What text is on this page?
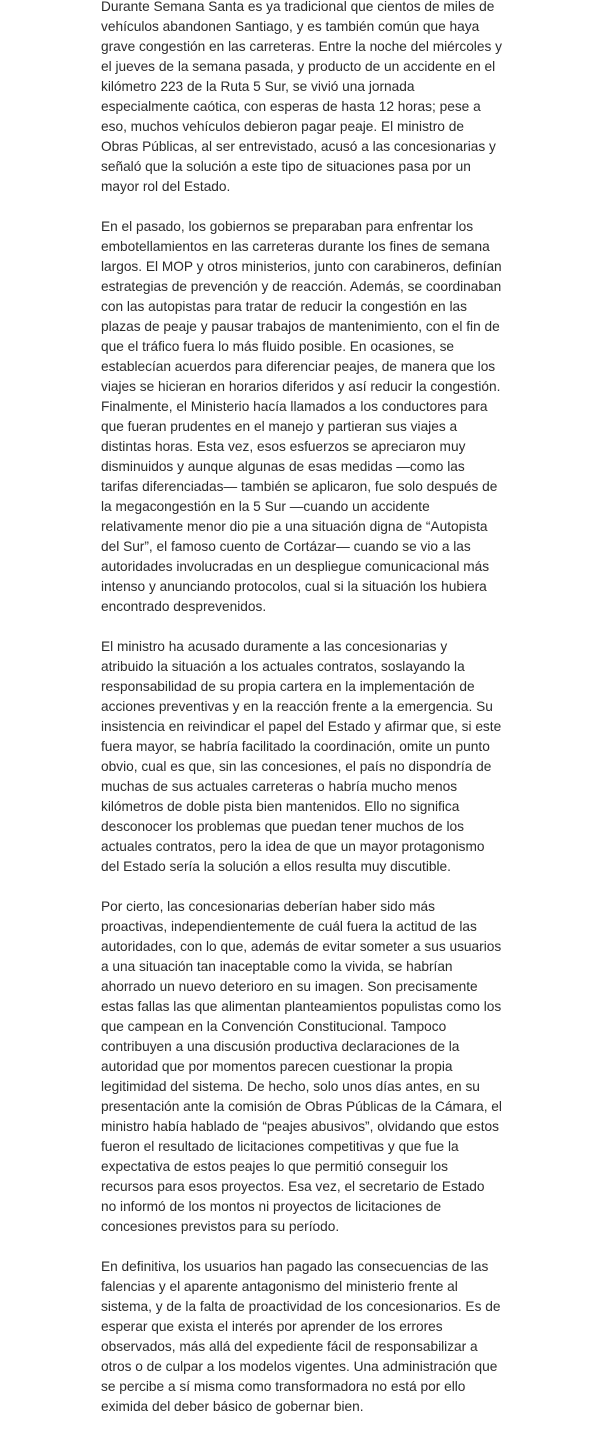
Durante Semana Santa es ya tradicional que cientos de miles de
vehículos abandonen Santiago, y es también común que haya
grave congestión en las carreteras. Entre la noche del miércoles y
el jueves de la semana pasada, y producto de un accidente en el
kilómetro 223 de la Ruta 5 Sur, se vivió una jornada
especialmente caótica, con esperas de hasta 12 horas; pese a
eso, muchos vehículos debieron pagar peaje. El ministro de
Obras Públicas, al ser entrevistado, acusó a las concesionarias y
señaló que la solución a este tipo de situaciones pasa por un
mayor rol del Estado.
En el pasado, los gobiernos se preparaban para enfrentar los
embotellamientos en las carreteras durante los fines de semana
largos. El MOP y otros ministerios, junto con carabineros, definían
estrategias de prevención y de reacción. Además, se coordinaban
con las autopistas para tratar de reducir la congestión en las
plazas de peaje y pausar trabajos de mantenimiento, con el fin de
que el tráfico fuera lo más fluido posible. En ocasiones, se
establecían acuerdos para diferenciar peajes, de manera que los
viajes se hicieran en horarios diferidos y así reducir la congestión.
Finalmente, el Ministerio hacía llamados a los conductores para
que fueran prudentes en el manejo y partieran sus viajes a
distintas horas. Esta vez, esos esfuerzos se apreciaron muy
disminuidos y aunque algunas de esas medidas —como las
tarifas diferenciadas— también se aplicaron, fue solo después de
la megacongestión en la 5 Sur —cuando un accidente
relativamente menor dio pie a una situación digna de “Autopista
del Sur”, el famoso cuento de Cortázar— cuando se vio a las
autoridades involucradas en un despliegue comunicacional más
intenso y anunciando protocolos, cual si la situación los hubiera
encontrado desprevenidos.
El ministro ha acusado duramente a las concesionarias y
atribuido la situación a los actuales contratos, soslayando la
responsabilidad de su propia cartera en la implementación de
acciones preventivas y en la reacción frente a la emergencia. Su
insistencia en reivindicar el papel del Estado y afirmar que, si este
fuera mayor, se habría facilitado la coordinación, omite un punto
obvio, cual es que, sin las concesiones, el país no dispondría de
muchas de sus actuales carreteras o habría mucho menos
kilómetros de doble pista bien mantenidos. Ello no significa
desconocer los problemas que puedan tener muchos de los
actuales contratos, pero la idea de que un mayor protagonismo
del Estado sería la solución a ellos resulta muy discutible.
Por cierto, las concesionarias deberían haber sido más
proactivas, independientemente de cuál fuera la actitud de las
autoridades, con lo que, además de evitar someter a sus usuarios
a una situación tan inaceptable como la vivida, se habrían
ahorrado un nuevo deterioro en su imagen. Son precisamente
estas fallas las que alimentan planteamientos populistas como los
que campean en la Convención Constitucional. Tampoco
contribuyen a una discusión productiva declaraciones de la
autoridad que por momentos parecen cuestionar la propia
legitimidad del sistema. De hecho, solo unos días antes, en su
presentación ante la comisión de Obras Públicas de la Cámara, el
ministro había hablado de “peajes abusivos”, olvidando que estos
fueron el resultado de licitaciones competitivas y que fue la
expectativa de estos peajes lo que permitió conseguir los
recursos para esos proyectos. Esa vez, el secretario de Estado
no informó de los montos ni proyectos de licitaciones de
concesiones previstos para su período.
En definitiva, los usuarios han pagado las consecuencias de las
falencias y el aparente antagonismo del ministerio frente al
sistema, y de la falta de proactividad de los concesionarios. Es de
esperar que exista el interés por aprender de los errores
observados, más allá del expediente fácil de responsabilizar a
otros o de culpar a los modelos vigentes. Una administración que
se percibe a sí misma como transformadora no está por ello
eximida del deber básico de gobernar bien.
